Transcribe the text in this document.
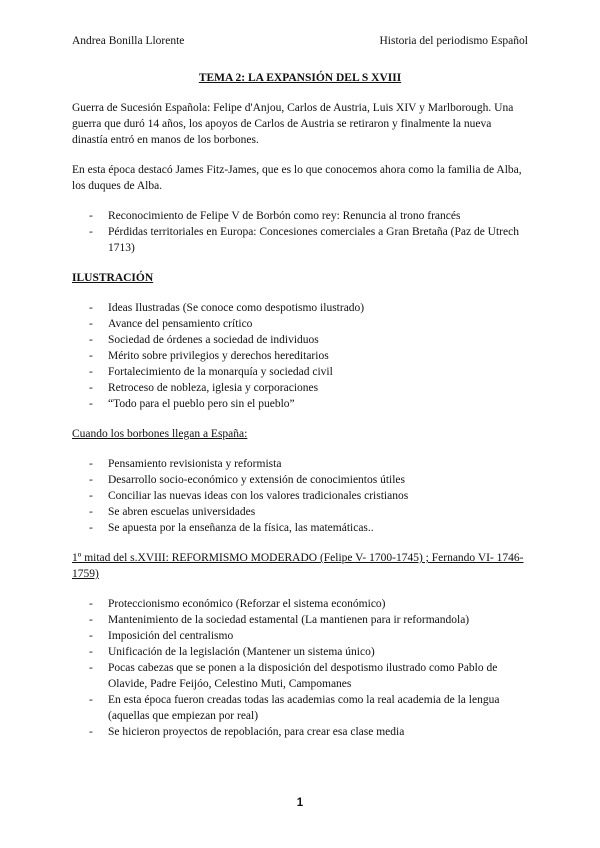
Andrea Bonilla Llorente	Historia del periodismo Español
TEMA 2: LA EXPANSIÓN DEL S XVIII

Guerra de Sucesión Española: Felipe d'Anjou, Carlos de Austria, Luis XIV y Marlborough. Una guerra que duró 14 años, los apoyos de Carlos de Austria se retiraron y finalmente la nueva dinastía entró en manos de los borbones.

En esta época destacó James Fitz-James, que es lo que conocemos ahora como la familia de Alba, los duques de Alba.

- Reconocimiento de Felipe V de Borbón como rey: Renuncia al trono francés
- Pérdidas territoriales en Europa: Concesiones comerciales a Gran Bretaña (Paz de Utrech 1713)
ILUSTRACIÓN
- Ideas Ilustradas (Se conoce como despotismo ilustrado)
- Avance del pensamiento crítico
- Sociedad de órdenes a sociedad de individuos
- Mérito sobre privilegios y derechos hereditarios
- Fortalecimiento de la monarquía y sociedad civil
- Retroceso de nobleza, iglesia y corporaciones
- “Todo para el pueblo pero sin el pueblo”
Cuando los borbones llegan a España:
- Pensamiento revisionista y reformista
- Desarrollo socio-económico y extensión de conocimientos útiles
- Conciliar las nuevas ideas con los valores tradicionales cristianos
- Se abren escuelas universidades
- Se apuesta por la enseñanza de la física, las matemáticas..
1º mitad del s.XVIII: REFORMISMO MODERADO (Felipe V- 1700-1745) ; Fernando VI- 1746-1759)
- Proteccionismo económico (Reforzar el sistema económico)
- Mantenimiento de la sociedad estamental (La mantienen para ir reformandola)
- Imposición del centralismo
- Unificación de la legislación (Mantener un sistema único)
- Pocas cabezas que se ponen a la disposición del despotismo ilustrado como Pablo de Olavide, Padre Feijóo, Celestino Muti, Campomanes
- En esta época fueron creadas todas las academias como la real academia de la lengua (aquellas que empiezan por real)
- Se hicieron proyectos de repoblación, para crear esa clase media
1
